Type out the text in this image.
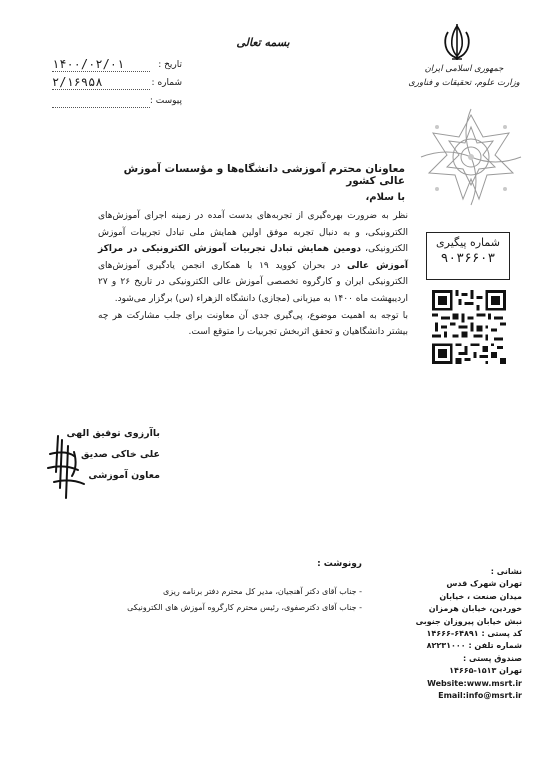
بسمه تعالی
۱۴۰۰/۰۲/۰۱	تاریخ :
۲/۱۶۹۵۸	شماره :
پیوست :
جمهوری اسلامی ایران
وزارت علوم، تحقیقات و فناوری
معاونان محترم آموزشی دانشگاه‌ها و مؤسسات آموزش عالی کشور
با سلام،

نظر به ضرورت بهره‌گیری از تجربه‌های بدست آمده در زمینه اجرای آموزش‌های الکترونیکی، و به دنبال تجربه موفق اولین همایش ملی تبادل تجربیات آموزش الکترونیکی، دومین همایش تبادل تجربیات آموزش الکترونیکی در مراکز آموزش عالی در بحران کووید ۱۹ با همکاری انجمن یادگیری آموزش‌های الکترونیکی ایران و کارگروه تخصصی آموزش عالی الکترونیکی در تاریخ ۲۶ و ۲۷ اردیبهشت ماه ۱۴۰۰ به میزبانی (مجازی) دانشگاه الزهراء (س) برگزار می‌شود.

با توجه به اهمیت موضوع، پی‌گیری جدی آن معاونت برای جلب مشارکت هر چه بیشتر دانشگاهیان و تحقق اثربخش تجربیات را متوقع است.

شماره پیگیری
۹۰۳۶۶۰۳
باآرزوی توفیق الهی
علی خاکی صدیق
معاون آموزشی
رونوشت :
- جناب آقای دکتر آهنجیان، مدیر کل محترم دفتر برنامه ریزی
- جناب آقای دکترصفوی، رئیس محترم کارگروه آموزش های الکترونیکی
نشانی :
تهران شهرک قدس
میدان صنعت ، خیابان
خوردین، خیابان هرمزان
نبش خیابان پیروزان جنوبی
کد پستی : ۶۴۸۹۱-۱۴۶۶۶
شماره تلفن : ۸۲۲۳۱۰۰۰
صندوق پستی :
تهران ۱۵۱۳-۱۴۶۶۵
Website:www.msrt.ir
Email:info@msrt.ir
